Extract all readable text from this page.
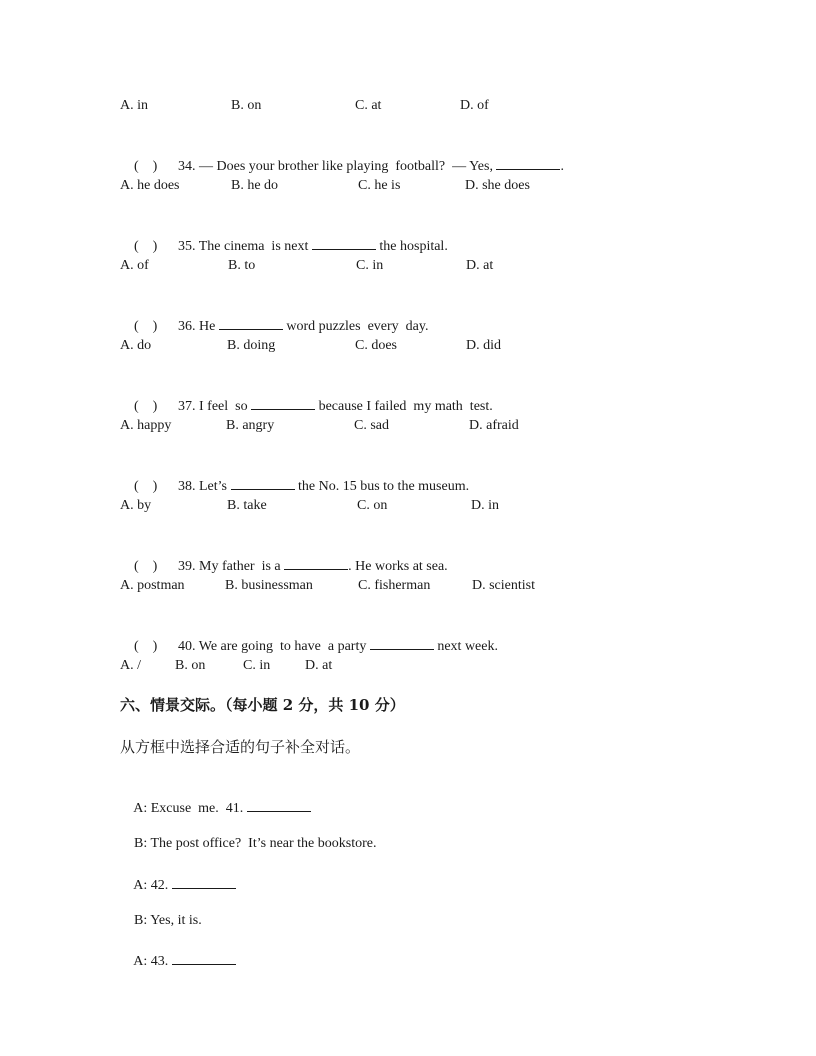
A. in	B. on	C. at	D. of

(    ) 34. — Does your brother like playing  football?  — Yes,	.

A. he does	B. he do	C. he is	D. she does

(    ) 35. The cinema  is next	the hospital.

A. of	B. to	C. in	D. at

(    ) 36. He	word puzzles  every  day.

A. do	B. doing	C. does	D. did

(    ) 37. I feel  so	because I failed  my math  test.

A. happy	B. angry	C. sad	D. afraid

(    ) 38. Let’s	the No. 15 bus to the museum.

A. by	B. take	C. on	D. in

(    ) 39. My father  is a	. He works at sea.

A. postman	B. businessman	C. fisherman	D. scientist

(    ) 40. We are going  to have  a party	next week.

A. / B. on	C. in D. at
六、情景交际。（每小题 2 分，共 10 分）
从方框中选择合适的句子补全对话。

A: Excuse  me.  41.

B: The post office?  It’s near the bookstore.

A: 42.

B: Yes, it is.

A: 43.
